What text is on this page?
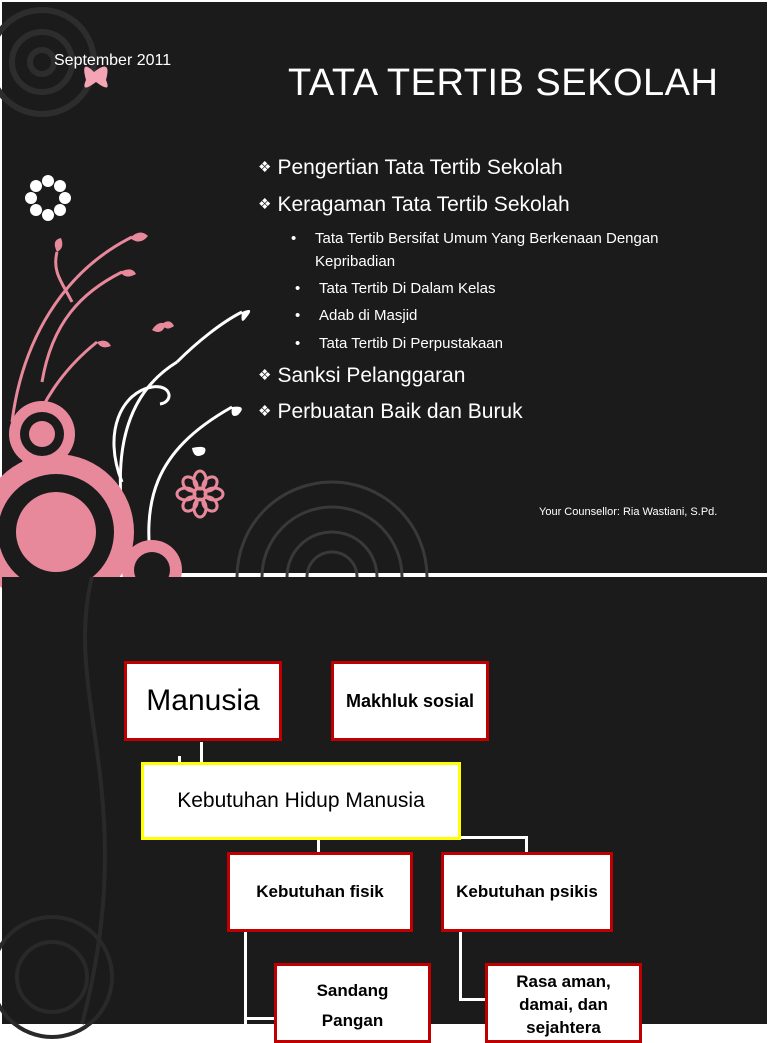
September 2011
TATA TERTIB SEKOLAH
❖ Pengertian Tata Tertib Sekolah
❖ Keragaman Tata Tertib Sekolah
• Tata Tertib Bersifat Umum Yang Berkenaan Dengan Kepribadian
• Tata Tertib Di Dalam Kelas
• Adab di Masjid
• Tata Tertib Di Perpustakaan
❖ Sanksi Pelanggaran
❖ Perbuatan Baik dan Buruk
Your Counsellor: Ria Wastiani, S.Pd.
Manusia	Makhluk sosial
Kebutuhan Hidup Manusia
Kebutuhan fisik	Kebutuhan psikis
Sandang
Pangan
Rasa aman, damai, dan sejahtera
